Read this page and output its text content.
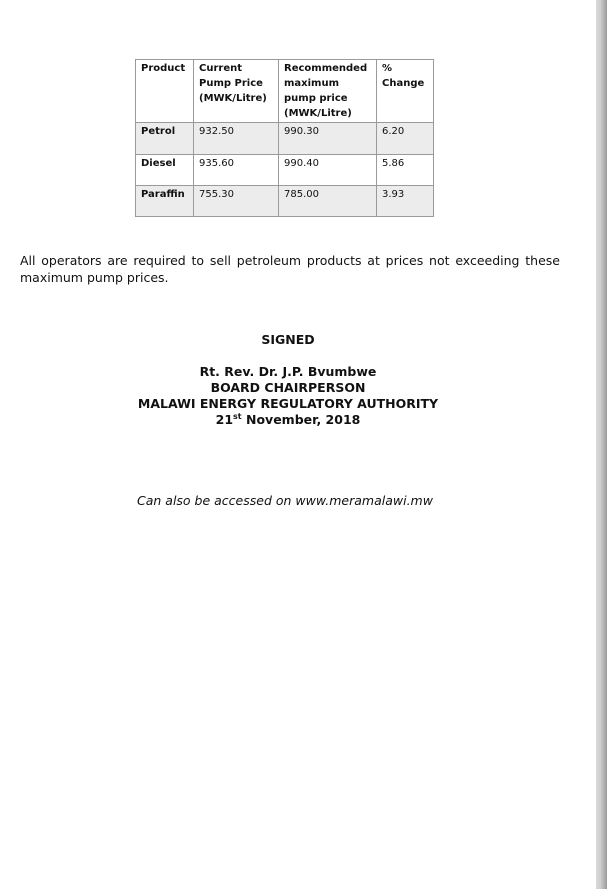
Product	Current Pump Price (MWK/Litre)	Recommended maximum pump price (MWK/Litre)	% Change
Petrol	932.50	990.30	6.20
Diesel	935.60	990.40	5.86
Paraffin	755.30	785.00	3.93

All operators are required to sell petroleum products at prices not exceeding these maximum pump prices.

SIGNED
Rt. Rev. Dr. J.P. Bvumbwe
BOARD CHAIRPERSON
MALAWI ENERGY REGULATORY AUTHORITY
21st November, 2018
Can also be accessed on www.meramalawi.mw
